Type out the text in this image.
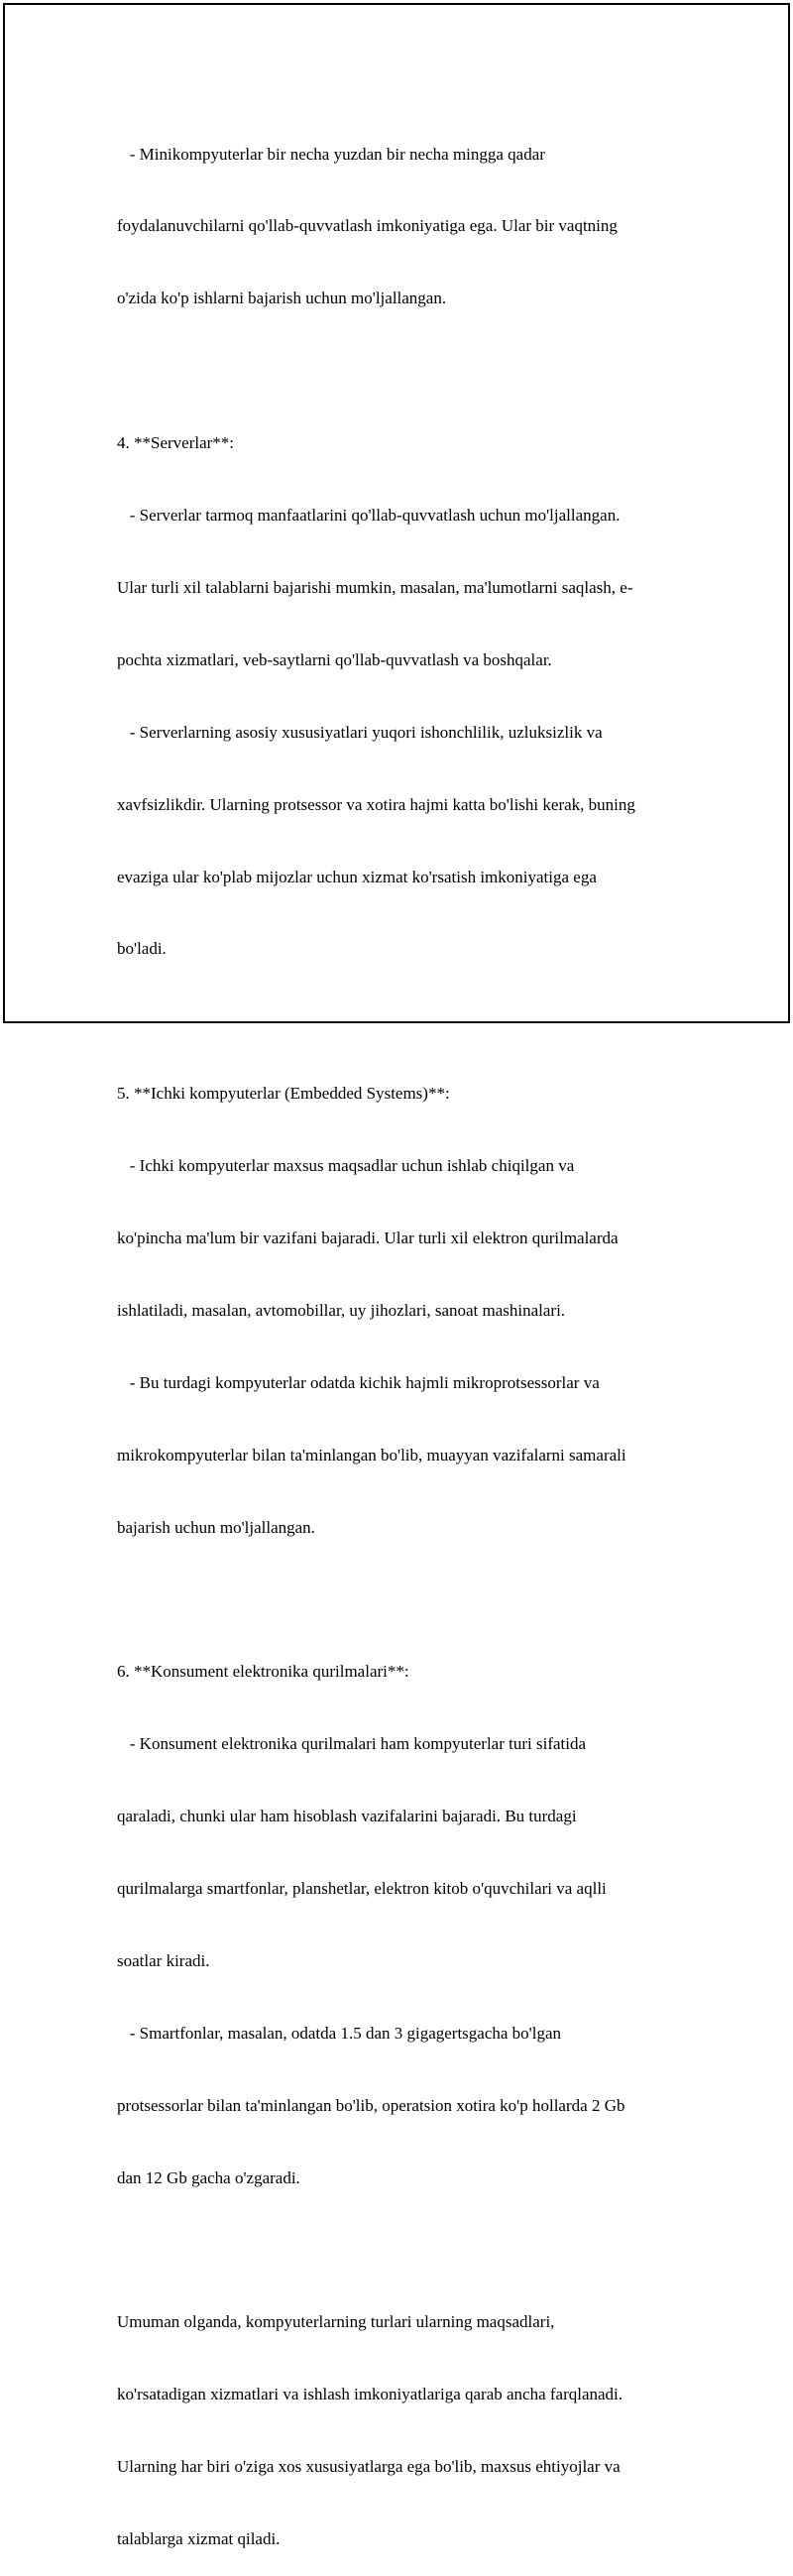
- Minikompyuterlar bir necha yuzdan bir necha mingga qadar

foydalanuvchilarni qo'llab-quvvatlash imkoniyatiga ega. Ular bir vaqtning

o'zida ko'p ishlarni bajarish uchun mo'ljallangan.

4. **Serverlar**:

- Serverlar tarmoq manfaatlarini qo'llab-quvvatlash uchun mo'ljallangan.

Ular turli xil talablarni bajarishi mumkin, masalan, ma'lumotlarni saqlash, e-

pochta xizmatlari, veb-saytlarni qo'llab-quvvatlash va boshqalar.

- Serverlarning asosiy xususiyatlari yuqori ishonchlilik, uzluksizlik va

xavfsizlikdir. Ularning protsessor va xotira hajmi katta bo'lishi kerak, buning

evaziga ular ko'plab mijozlar uchun xizmat ko'rsatish imkoniyatiga ega

bo'ladi.

5. **Ichki kompyuterlar (Embedded Systems)**:

- Ichki kompyuterlar maxsus maqsadlar uchun ishlab chiqilgan va

ko'pincha ma'lum bir vazifani bajaradi. Ular turli xil elektron qurilmalarda

ishlatiladi, masalan, avtomobillar, uy jihozlari, sanoat mashinalari.

- Bu turdagi kompyuterlar odatda kichik hajmli mikroprotsessorlar va

mikrokompyuterlar bilan ta'minlangan bo'lib, muayyan vazifalarni samarali

bajarish uchun mo'ljallangan.

6. **Konsument elektronika qurilmalari**:

- Konsument elektronika qurilmalari ham kompyuterlar turi sifatida

qaraladi, chunki ular ham hisoblash vazifalarini bajaradi. Bu turdagi

qurilmalarga smartfonlar, planshetlar, elektron kitob o'quvchilari va aqlli

soatlar kiradi.

- Smartfonlar, masalan, odatda 1.5 dan 3 gigagertsgacha bo'lgan

protsessorlar bilan ta'minlangan bo'lib, operatsion xotira ko'p hollarda 2 Gb

dan 12 Gb gacha o'zgaradi.

Umuman olganda, kompyuterlarning turlari ularning maqsadlari,

ko'rsatadigan xizmatlari va ishlash imkoniyatlariga qarab ancha farqlanadi.

Ularning har biri o'ziga xos xususiyatlarga ega bo'lib, maxsus ehtiyojlar va

talablarga xizmat qiladi.
